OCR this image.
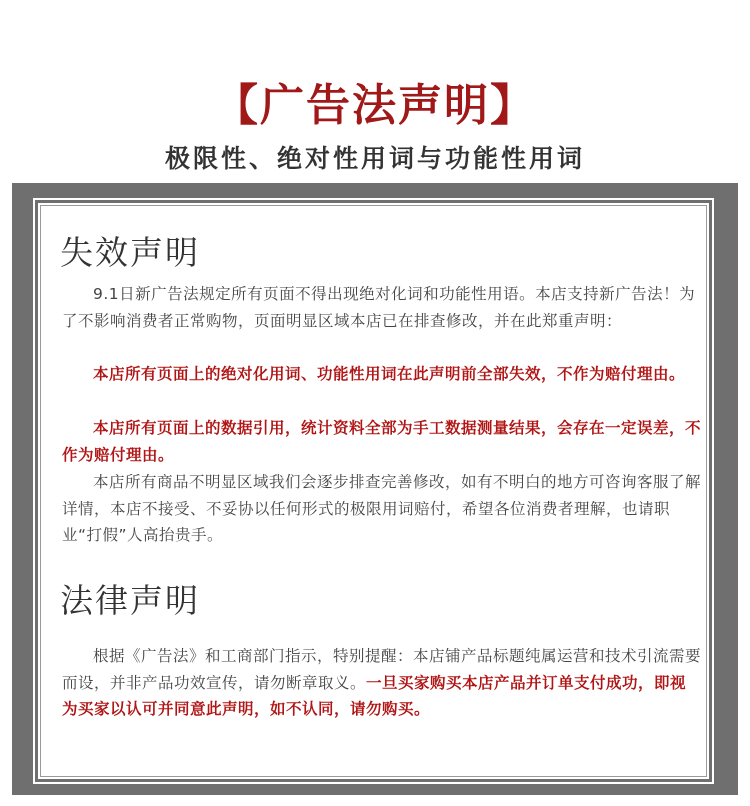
【广告法声明】
极限性、绝对性用词与功能性用词
失效声明
9.1日新广告法规定所有页面不得出现绝对化词和功能性用语。本店支持新广告法！为了不影响消费者正常购物，页面明显区域本店已在排查修改，并在此郑重声明：
本店所有页面上的绝对化用词、功能性用词在此声明前全部失效，不作为赔付理由。
本店所有页面上的数据引用，统计资料全部为手工数据测量结果，会存在一定误差，不作为赔付理由。
本店所有商品不明显区域我们会逐步排查完善修改，如有不明白的地方可咨询客服了解详情，本店不接受、不妥协以任何形式的极限用词赔付，希望各位消费者理解，也请职业“打假”人高抬贵手。
法律声明
根据《广告法》和工商部门指示，特别提醒：本店铺产品标题纯属运营和技术引流需要而设，并非产品功效宣传，请勿断章取义。一旦买家购买本店产品并订单支付成功，即视为买家以认可并同意此声明，如不认同，请勿购买。
